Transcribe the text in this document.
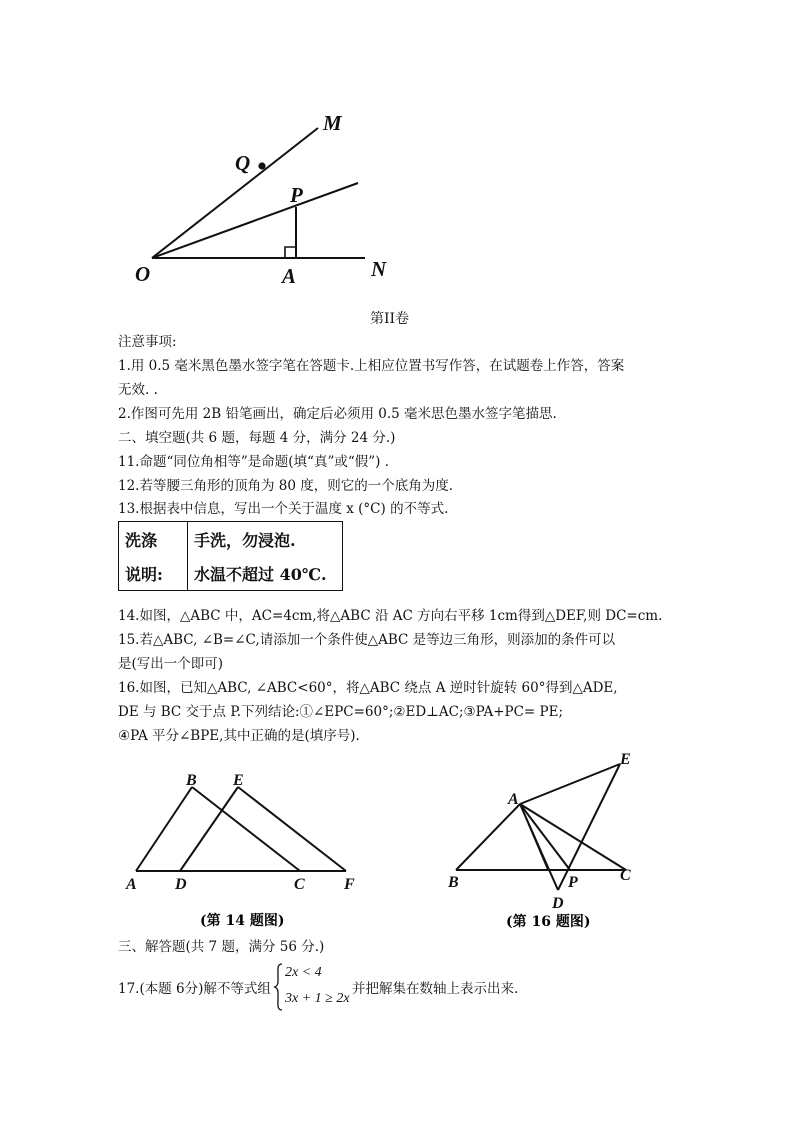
M
Q
P
O	A	N
第II卷
注意事项:
1.用 0.5 毫米黑色墨水签字笔在答题卡.上相应位置书写作答，在试题卷上作答，答案
无效. .
2.作图可先用 2B 铅笔画出，确定后必须用 0.5 毫米思色墨水签字笔描思.
二、填空题(共 6 题，每题 4 分，满分 24 分.)
11.命题“同位角相等”是命题(填“真”或“假”) .
12.若等腰三角形的顶角为 80 度，则它的一个底角为度.
13.根据表中信息，写出一个关于温度 x (°C) 的不等式.
洗涤	手洗，勿浸泡.
说明:	水温不超过 40℃.
14.如图，△ABC 中，AC=4cm,将△ABC 沿 AC 方向右平移 1cm得到△DEF,则 DC=cm.
15.若△ABC, ∠B=∠C,请添加一个条件使△ABC 是等边三角形，则添加的条件可以
是(写出一个即可)
16.如图，已知△ABC, ∠ABC<60°，将△ABC 绕点 A 逆时针旋转 60°得到△ADE,
DE 与 BC 交于点 P.下列结论:①∠EPC=60°;②ED⊥AC;③PA+PC= PE;
④PA 平分∠BPE,其中正确的是(填序号).
B E
A D	C F
(第 14 题图)
E
A
B	P	C
D
(第 16 题图)
三、解答题(共 7 题，满分 56 分.)
17.(本题 6分)解不等式组
2x < 4
3x + 1 ≥ 2x
并把解集在数轴上表示出来.
